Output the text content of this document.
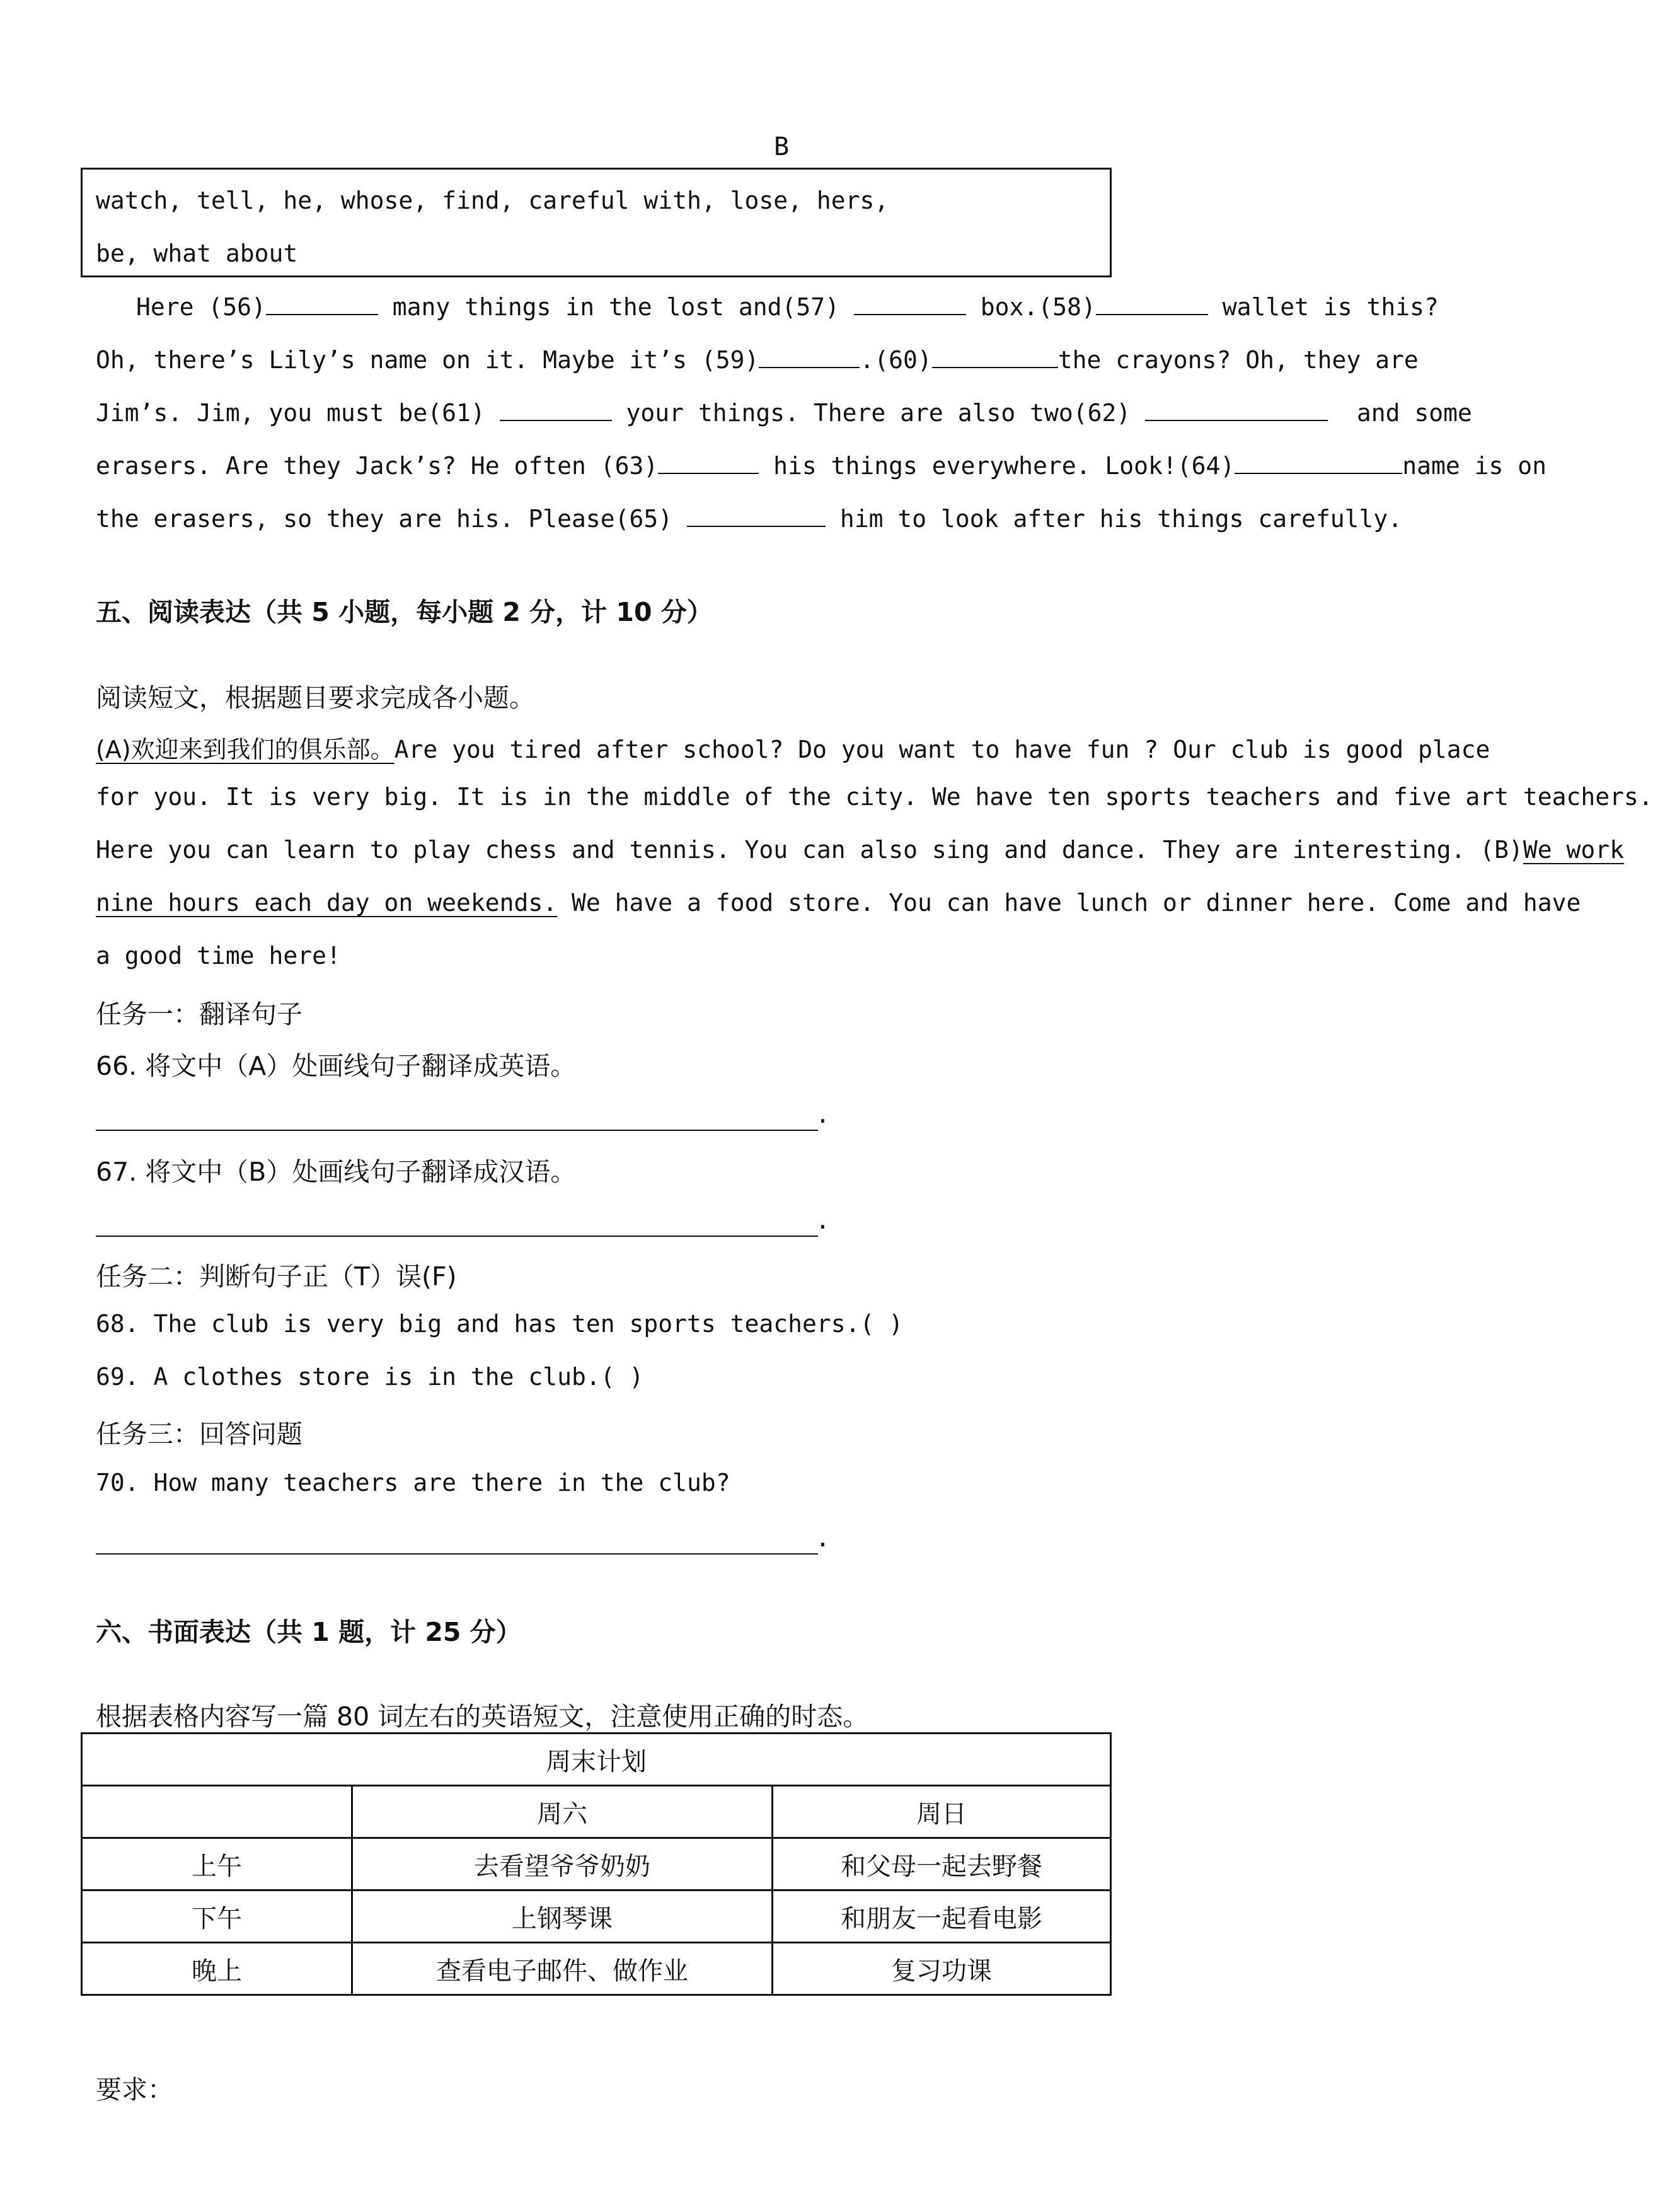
B
watch, tell, he, whose, find, careful with, lose, hers,
be, what about
Here (56)	many things in the lost and(57)	box.(58)	wallet is this?
Oh, there’s Lily’s name on it. Maybe it’s (59)	.(60)	the crayons? Oh, they are
Jim’s. Jim, you must be(61)	your things. There are also two(62)	and some
erasers. Are they Jack’s? He often (63)	his things everywhere. Look!(64)	name is on
the erasers, so they are his. Please(65)	him to look after his things carefully.
五、阅读表达（共 5 小题，每小题 2 分，计 10 分）
阅读短文，根据题目要求完成各小题。
(A)欢迎来到我们的俱乐部。Are you tired after school? Do you want to have fun ? Our club is good place
for you. It is very big. It is in the middle of the city. We have ten sports teachers and five art teachers.
Here you can learn to play chess and tennis. You can also sing and dance. They are interesting. (B)We work
nine hours each day on weekends. We have a food store. You can have lunch or dinner here. Come and have
a good time here!
任务一：翻译句子
66. 将文中（A）处画线句子翻译成英语。
.
67. 将文中（B）处画线句子翻译成汉语。
.
任务二：判断句子正（T）误(F)
68. The club is very big and has ten sports teachers.( )
69. A clothes store is in the club.( )
任务三：回答问题
70. How many teachers are there in the club?
.
六、书面表达（共 1 题，计 25 分）
根据表格内容写一篇 80 词左右的英语短文，注意使用正确的时态。
周末计划		
	周六	周日
上午	去看望爷爷奶奶	和父母一起去野餐
下午	上钢琴课	和朋友一起看电影
晚上	查看电子邮件、做作业	复习功课
要求：
